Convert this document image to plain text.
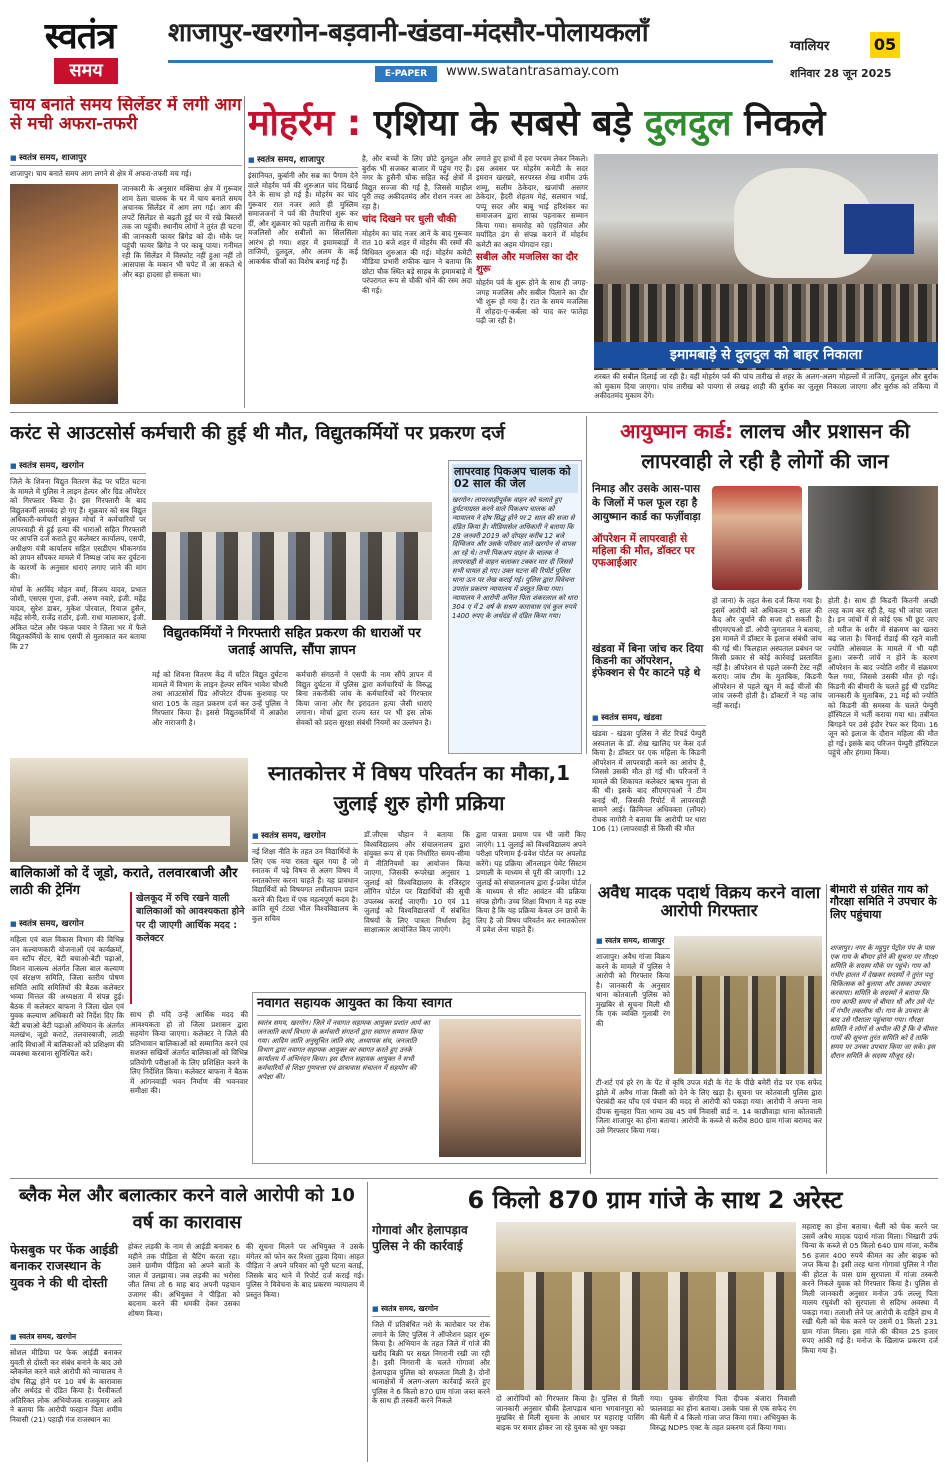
स्वतंत्र
समय
शाजापुर-खरगोन-बड़वानी-खंडवा-मंदसौर-पोलायकलाँ	ग्वालियर	05
E-PAPER	www.swatantrasamay.com	शनिवार 28 जून 2025
चाय बनाते समय सिलेंडर में लगी आग से मची अफरा-तफरी
■ स्वतंत्र समय, शाजापुर
शाजापुर। चाय बनाते समय आग लगने से क्षेत्र में अफरा-तफरी मच गई।
जानकारी के अनुसार मक्सिया क्षेत्र में गुरूवार शाम ठेला चालक के घर में चाय बनाते समय अचानक सिलेंडर में आग लग गई। आग की लपटें सिलेंडर से बढ़ती हुई घर में रखे बिस्तरों तक जा पहुंची। स्थानीय लोगों ने तुरंत ही घटना की जानकारी फायर ब्रिगेड को दी। मौके पर पहुंची फायर ब्रिगेड ने पर काबू पाया। गनीमत रही कि सिलेंडर में विस्फोट नहीं हुआ नहीं तो आसपास के मकान भी चपेट में आ सकते थे और बड़ा हादसा हो सकता था।
मोहर्रम : एशिया के सबसे बड़े दुलदुल निकले
■ स्वतंत्र समय, शाजापुर
इंसानियत, कुर्बानी और सब्र का पैगाम देने वाले मोहर्रम पर्व की शुरुआत चांद दिखाई देने के साथ हो गई है। मोहर्रम का चांद गुरूवार रात नजर आते ही मुस्लिम समाजजनों ने पर्व की तैयारियां शुरू कर दीं, और शुक्रवार को पहली तारीख के साथ मजलिसों और सबीलों का सिलसिला आरंभ हो गया। शहर में इमामबाड़ों में ताजियों, दुलदुल, और अलम के कई आकर्षक चीजों का विशेष बनाई गई हैं।
है, और बच्चों के लिए छोटे दुलदुल और बुर्राक भी सजकर बाजार में पहुंच गए हैं। नगर के हुसैनी चौक सहित कई क्षेत्रों में विद्युत सज्जा की गई है, जिससे माहौल पूरी तरह अकीदतमंद और रोशन नजर आ रहा है।
चांद दिखने पर धुली चौकी
मोहर्रम का चांद नजर आने के बाद गुरूवार रात 10 बजे शहर में मोहर्रम की रस्मों की विधिवत शुरुआत की गई। मोहर्रम कमेटी मीडिया प्रभारी शफीक खान ने बताया कि छोटा चौक स्थित बड़े साहब के इमामबाड़े में परंपरागत रूप से चौकी धोने की रस्म अदा की गई।
लगाते हुए हाथों में हरा परचम लेकर निकले। इस अवसर पर मोहर्रम कमेटी के सदर इमरान खरखरे, सरपरस्त शेख शमीम उर्फ शम्मू, सलीम ठेकेदार, खजांची असगर ठेकेदार, हैदरी शेहतम मेहं, सलमान भाई, पप्पू सदर और बाबू भाई हरिशंकर का समाजजन द्वारा साफा पहनाकर सम्मान किया गया। समारोह को एहतियात और मर्यादित ढंग से संपन्न कराने में मोहर्रम कमेटी का अहम योगदान रहा।
सबील और मजलिस का दौर शुरू
मोहर्रम पर्व के शुरू होने के साथ ही जगह-जगह मजलिस और सबील पिलाने का दौर भी शुरू हो गया है। रात के समय मजलिस में शोहदा-ए-कर्बला को याद कर फातेहा पढ़ी जा रही है।
इमामबाड़े से दुलदुल को बाहर निकाला
शरबत की सबील दिलाई जा रही है। वहीं मोहर्रम पर्व की पांच तारीख से शहर के अलग-अलग मोहल्लों में ताजिए, दुलदुल और बुर्राक को मुकाम दिया जाएगा। पांच तारीख को पायगा से लखड़ शाही की बुर्राक का जुलूस निकाला जाएगा और बुर्राक को तकिया में अकीदतमंद मुकाम देंगे।
करंट से आउटसोर्स कर्मचारी की हुई थी मौत, विद्युतकर्मियों पर प्रकरण दर्ज
■ स्वतंत्र समय, खरगोन
जिले के शिवना विद्युत वितरण केंद्र पर घटित घटना के मामले में पुलिस ने लाइन हेल्पर और ग्रिड ऑपरेटर को गिरफ्तार किया है। इस गिरफ्तारी के बाद विद्युतकर्मी लामबंद हो गए हैं। शुक्रवार को सब विद्युत अधिकारी-कर्मचारी संयुक्त मोर्चा ने कर्मचारियों पर लापरवाही से हुई हत्या की धाराओं सहित गिरफ्तारी पर आपत्ति दर्ज कराते हुए कलेक्टर कार्यालय, एसपी, अधीक्षण यंत्री कार्यालय सहित एसडीएम भीकनगांव को ज्ञापन सौंपकर मामले में निष्पक्ष जांच कर दुर्घटना के कारणों के अनुसार धाराएं लगाए जाने की मांग की।
मोर्चा के अरविंद मोहन वर्मा, विजय यादव, प्रभात जोशी, एसएस गुप्ता, इंजी. अरुण नवारे, इंजी. महेंद्र यादव, सुरेश डाबर, मुकेश पोरवाल, रियाज हुसैन, महेंद्र सोनी, राजेंद्र राठौर, इंजी. राधा मालाकार, इंजी. अंकित पटेल और पंकज पवार ने जिला भर में फैले विद्युतकर्मियों के साथ एसपी से मुलाकात कर बताया कि 27
विद्युतकर्मियों ने गिरफ्तारी सहित प्रकरण की धाराओं पर जताई आपत्ति, सौंपा ज्ञापन
मई को शिवना वितरण केंद्र में घटित विद्युत दुर्घटना मामले में विभाग के लाइन हेल्पर सचिन भावेश चौधरी तथा आउटसोर्स ग्रिड ऑपरेटर दीपक कुशवाह पर धारा 105 के तहत प्रकरण दर्ज कर उन्हें पुलिस ने गिरफ्तार किया है। इससे विद्युतकर्मियों में आक्रोश और नाराजगी है।
कर्मचारी संगठनों ने एसपी के नाम सौंपे ज्ञापन में विद्युत दुर्घटना में पुलिस द्वारा कर्मचारियों के विरुद्ध बिना तकनीकी जांच के कर्मचारियों को गिरफ्तार किया जाना और गैर इरादतन हत्या जैसी धाराएं लगाना। मोर्चा द्वारा राज्य स्तर पर भी इस लोक सेवकों को प्रदत्त सुरक्षा संबंधी नियमों का उल्लंघन है।
लापरवाह पिकअप चालक को 02 साल की जेल
खरगोन। लापरवाहीपूर्वक वाहन को चलाते हुए दुर्घटनाग्रस्त करने वाले पिकअप चालक को न्यायालय ने दोष सिद्ध होने पर 2 साल की सजा से दंडित किया है। मीडियासेल अधिकारी ने बताया कि 28 जनवरी 2019 को दोपहर करीब 12 बजे दिग्विजय और उसके परिवार वाले खरगोन से वापस आ रहे थे। तभी पिकअप वाहन के चालक ने लापरवाही से वाहन चलाकर टक्कर मार दी जिससे सभी घायल हो गए। उक्त घटना की रिपोर्ट पुलिस थाना ऊन पर लेख कराई गई। पुलिस द्वारा विवेचना उपरांत प्रकरण न्यायालय में प्रस्तुत किया गया। न्यायालय ने आरोपी अनिल पिता शंकरलाल को धारा 304 ए में 2 वर्ष के सश्रम कारावास एवं कुल रुपये 1400 रुपए के अर्थदंड से दंडित किया गया।
आयुष्मान कार्ड: लालच और प्रशासन की लापरवाही ले रही है लोगों की जान
निमाड़ और उसके आस-पास के जिलों में फल फूल रहा है आयुष्मान कार्ड का फर्ज़ीवाड़ा
ऑपरेशन में लापरवाही से महिला की मौत, डॉक्टर पर एफआईआर
खंडवा में बिना जांच कर दिया किडनी का ऑपरेशन, इंफेक्शन से पैर काटने पड़े थे
■ स्वतंत्र समय, खंडवा
खंडवा - खंडवा पुलिस ने सेंट रिचर्ड पेम्पुरी अस्पताल के डॉ. शेख खालिद पर केस दर्ज किया है। डॉक्टर पर एक महिला के किडनी ऑपरेशन में लापरवाही करने का आरोप है, जिससे उसकी मौत हो गई थी। परिजनों ने मामले की शिकायत कलेक्टर ऋषव गुप्ता से की थी। इसके बाद सीएमएचओ ने टीम बनाई थी, जिसकी रिपोर्ट में लापरवाही सामने आई। क्रिमिनल अधिवक्ता (लॉयर) रोचक नागोरी ने बताया कि आरोपी पर धारा 106 (1) (लापरवाही से किसी की मौत
हो जाना) के तहत केस दर्ज किया गया है। इसमें आरोपी को अधिकतम 5 साल की कैद और जुर्माने की सजा हो सकती है। सीएमएचओ डॉ. ओपी जुगतावत ने बताया, इस मामले में डॉक्टर के इलाज संबंधी जांच की गई थी। फिलहाल अस्पताल प्रबंधन पर किसी प्रकार से कोई कार्रवाई प्रस्तावित नहीं है। ऑपरेशन से पहले जरूरी टेस्ट नहीं कराए। जांच टीम के मुताबिक, किडनी ऑपरेशन से पहले खून में कई चीजों की जांच जरूरी होती है। डॉक्टरों ने यह जांच नहीं कराई।
होती है। साथ ही किडनी कितनी अच्छी तरह काम कर रही है, यह भी जांचा जाता है। इन जांचों में से कोई एक भी छूट जाए तो मरीज के शरीर में संक्रमण का खतरा बढ़ जाता है। चिनाई रोडाई की रहने वाली ज्योति ओसवाल के मामले में भी यही हुआ। जरूरी जांचें न होने के कारण ऑपरेशन के बाद ज्योति शरीर में संक्रमण फैल गया, जिससे उसकी मौत हो गई। किडनी की बीमारी के चलते हुई थी एडमिट जानकारी के मुताबिक, 21 मई को ज्योति को किडनी की समस्या के चलते पेम्पुरी हॉस्पिटल में भर्ती कराया गया था। तबीयत बिगड़ने पर उसे इंदौर रेफर कर दिया। 16 जून को इलाज के दौरान महिला की मौत हो गई। इसके बाद परिजन पेम्पुरी हॉस्पिटल पहुंचे और हंगामा किया।
बालिकाओं को दें जूडो, कराते, तलवारबाजी और लाठी की ट्रेनिंग
■ स्वतंत्र समय, खरगोन
महिला एवं बाल विकास विभाग की विभिन्न जन कल्याणकारी योजनाओं एवं कार्यक्रमों, वन स्टॉप सेंटर, बेटी बचाओ-बेटी पढ़ाओ, मिशन वात्सल्य अंतर्गत जिला बाल कल्याण एवं संरक्षण समिति, जिला स्तरीय पोषण समिति आदि समितियों की बैठक कलेक्टर भव्या मित्तल की अध्यक्षता में संपन्न हुई। बैठक में कलेक्टर बाफना ने जिला खेल एवं युवक कल्याण अधिकारी को निर्देश दिए कि बेटी बचाओ बेटी पढ़ाओ अभियान के अंतर्गत मलखंभ, जूडो कराटे, तलवारबाजी, लाठी आदि विधाओं में बालिकाओं को प्रशिक्षण की व्यवस्था करवाना सुनिश्चित करें।
खेलकूद में रुचि रखने वाली बालिकाओं को आवश्यकता होने पर दी जाएगी आर्थिक मदद : कलेक्टर
साथ ही यदि उन्हें आर्थिक मदद की आवश्यकता हो तो जिला प्रशासन द्वारा सहयोग किया जाएगा। कलेक्टर ने जिले की प्रतिभावान बालिकाओं को सम्मानित करने एवं सशक्त सखियों अंतर्गत बालिकाओं को विभिन्न प्रतियोगी परीक्षाओं के लिए प्रशिक्षित करने के लिए निर्देशित किया। कलेक्टर बाफना ने बैठक में आंगनवाड़ी भवन निर्माण की भवनवार समीक्षा की।
स्नातकोत्तर में विषय परिवर्तन का मौका,1 जुलाई शुरु होगी प्रक्रिया
■ स्वतंत्र समय, खरगोन
नई शिक्षा नीति के तहत उन विद्यार्थियों के लिए एक नया रास्ता खुल गया है जो स्नातक में पढ़े विषय से अलग विषय में स्नातकोत्तर करना चाहते हैं। यह प्रावधान विद्यार्थियों को विषयगत लचीलापन प्रदान करने की दिशा में एक महत्वपूर्ण कदम है। क्रांति सूर्य टंट्या भील विश्वविद्यालय के कुल सचिव
डॉ.जीएस चौहान ने बताया कि विश्वविद्यालय और संचालनालय द्वारा संयुक्त रूप से एक निर्धारित समय-सीमा में नीतिनियमों का आयोजन किया जाएगा, जिसकी रूपरेखा अनुसार 1 जुलाई को विश्वविद्यालय के रजिस्ट्रार लॉगिन पोर्टल पर विद्यार्थियों की सूची उपलब्ध कराई जाएगी। 10 एवं 11 जुलाई को विश्वविद्यालयों में संबंधित विषयों के लिए पात्रता निर्धारण हेतु साक्षात्कार आयोजित किए जाएंगे।
द्वारा पात्रता प्रमाण पत्र भी जारी किए जाएंगे। 11 जुलाई को विश्वविद्यालय अपने परीक्षा परिणाम ई-प्रवेश पोर्टल पर अपलोड करेंगे। यह प्रक्रिया ऑनलाइन पेमेंट सिस्टम प्रणाली के माध्यम से पूरी की जाएगी। 12 जुलाई को संचालनालय द्वारा ई-प्रवेश पोर्टल के माध्यम से सीट आवंटन की प्रक्रिया संपन्न होगी। उच्च शिक्षा विभाग ने यह स्पष्ट किया है कि यह प्रक्रिया केवल उन छात्रों के लिए है जो विषय परिवर्तन कर स्नातकोत्तर में प्रवेश लेना चाहते हैं।
नवागत सहायक आयुक्त का किया स्वागत
स्वतंत्र समय, खरगोन। जिले में नवागत सहायक आयुक्त प्रशांत आर्य का जनजाति कार्य विभाग के कर्मचारी संगठनों द्वारा स्वागत सम्मान किया गया। आदिम जाति अनुसूचित जाति संघ, अध्यापक संघ, जनजाति विभाग द्वारा नवागत सहायक आयुक्त का स्वागत करते हुए उनके कार्यालय में अभिनंदन किया। इस दौरान सहायक आयुक्त ने सभी कर्मचारियों से शिक्षा गुणवत्ता एवं छात्रावास संचालन में सहयोग की अपेक्षा की।
अवैध मादक पदार्थ विक्रय करने वाला आरोपी गिरफ्तार
■ स्वतंत्र समय, शाजापुर
शाजापुर। अवैध गांजा विक्रय करने के मामले में पुलिस ने आरोपी को गिरफ्तार किया है। जानकारी के अनुसार थाना कोतवाली पुलिस को मुखबिर से सूचना मिली थी कि एक व्यक्ति गुलाबी रंग की
टी-शर्ट एवं हरे रंग के पेंट में कृषि उपज मंडी के गेट के पीछे बमेरी रोड पर एक सफेद झोले में अवैध गांजा किसी को देने के लिए खड़ा है। सूचना पर कोतवाली पुलिस द्वारा घेराबंदी कर पॉंच एवं पंचान की मदद से आरोपी को पकड़ा गया। आरोपी ने अपना नाम दीपक सुनहरा पिता भाग्य उम्र 45 वर्ष निवासी वार्ड न. 14 काछीवाड़ा थाना कोतवाली जिला शाजापुर का होना बताया। आरोपी के कब्जे से करीब 800 ग्राम गांजा बरामद कर उसे गिरफ्तार किया गया।
बीमारी से ग्रसित गाय को गौरक्षा समिति ने उपचार के लिए पहुंचाया
शाजापुर। नगर के महुपुर पेट्रोल पंप के पास एक गाय के बीमार होने की सूचना पर गौरक्षा समिति के सदस्य मौके पर पहुंचे। गाय को गंभीर हालत में देखकर सदस्यों ने तुरंत पशु चिकित्सक को बुलाया और उसका उपचार करवाया। समिति के सदस्यों ने बताया कि गाय काफी समय से बीमार थी और उसे पेट में गंभीर तकलीफ थी। गाय के उपचार के बाद उसे गौशाला पहुंचाया गया। गौरक्षा समिति ने लोगों से अपील की है कि वे बीमार गायों की सूचना तुरंत समिति को दें ताकि समय पर उनका उपचार किया जा सके। इस दौरान समिति के सदस्य मौजूद रहे।
ब्लैक मेल और बलात्कार करने वाले आरोपी को 10 वर्ष का कारावास
फेसबुक पर फेंक आईडी बनाकर राजस्थान के युवक ने की थी दोस्ती
■ स्वतंत्र समय, खरगोन
सोशल मीडिया पर फेक आईडी बनाकर युवती से दोस्ती कर संबंध बनाने के बाद उसे ब्लैकमेल करने वाले आरोपी को न्यायालय ने दोष सिद्ध होने पर 10 वर्ष के कारावास और अर्थदंड से दंडित किया है। पैरवीकर्ता अतिरिक्त लोक अभियोजक राजकुमार अत्रे ने बताया कि आरोपी फरहान पिता शमीम निवासी (21) पहाड़ी गंज राजस्थान का
होकर लड़की के नाम से आईडी बनाकर 6 महीने तक पीड़िता से चैटिंग करता रहा। उसने ग्रामीण पीड़िता को अपने बातों के जाल में उलझाया। जब लड़की का भरोसा जीत लिया तो 6 माह बाद अपनी पहचान उजागर की। अभियुक्त ने पीड़िता को बदनाम करने की धमकी देकर उसका शोषण किया।
की सूचना मिलने पर अभियुक्त ने उसके मंगेतर को फोन कर रिश्ता तुड़वा दिया। आहत पीड़िता ने अपने परिवार को पूरी घटना बताई, जिसके बाद थाने में रिपोर्ट दर्ज कराई गई। पुलिस ने विवेचना के बाद प्रकरण न्यायालय में प्रस्तुत किया।
6 किलो 870 ग्राम गांजे के साथ 2 अरेस्ट
गोगावां और हेलापड़ाव पुलिस ने की कार्रवाई
■ स्वतंत्र समय, खरगोन
जिले में प्रतिबंधित नशे के कारोबार पर रोक लगाने के लिए पुलिस ने ऑपरेशन प्रहार शुरू किया है। अभियान के तहत जिले में गांजे की खरीद बिक्री पर सख्त निगरानी रखी जा रही है। इसी निगरानी के चलते गोगावां और हेलापड़ाव पुलिस को सफलता मिली है। दोनों थानाक्षेत्रों में अलग-अलग कार्रवाई करते हुए पुलिस ने 6 किलो 870 ग्राम गांजा जब्त करने के साथ ही तस्करी करने निकले	दो आरोपियों को गिरफ्तार किया है। पुलिस से मिली जानकारी अनुसार चौकी हेलापड़ाव थाना भगवानपुरा को मुखबिर से मिली सूचना के आधार पर महाराष्ट्र पासिंग बाइक पर सवार होकर जा रहे युवक को धूम पकड़ा
गया। युवक सेंगरिया पिता दीपक बंजारा निवासी फालवाड़ा का होना बताया। उसके पास से एक सफेद रंग की थैली में 4 किलो गांजा जप्त किया गया। अभियुक्त के विरुद्ध NDPS एक्ट के तहत प्रकरण दर्ज किया गया।
महाराष्ट्र का होना बताया। थैली को चेक करने पर उसमें अवैध मादक पदार्थ गांजा मिला। भिखारी उर्फ चिन्या के कब्जे से 05 किलो 640 ग्राम गांजा, करीब 56 हजार 400 रुपये कीमत का और बाइक को जप्त किया है। इसी तरह थाना गोगावां पुलिस ने गौरा की होटल के पास ग्राम सुरपाला में गांजा तस्करी करने निकले युवक को गिरफ्तार किया है। पुलिस से मिली जानकारी अनुसार मनोज उर्फ लल्लू पिता मालय रघुवंशी को सुरपाला से सदिग्ध अवस्था में पकड़ा गया। तलाशी लेने पर आरोपी के दाहिने हाथ में रखी थैली को चेक करने पर उसमें 01 किलो 231 ग्राम गांजा मिला। इस गांजे की कीमत 25 हजार रुपए आंकी गई है। मनोज के खिलाफ प्रकरण दर्ज किया गया है।
